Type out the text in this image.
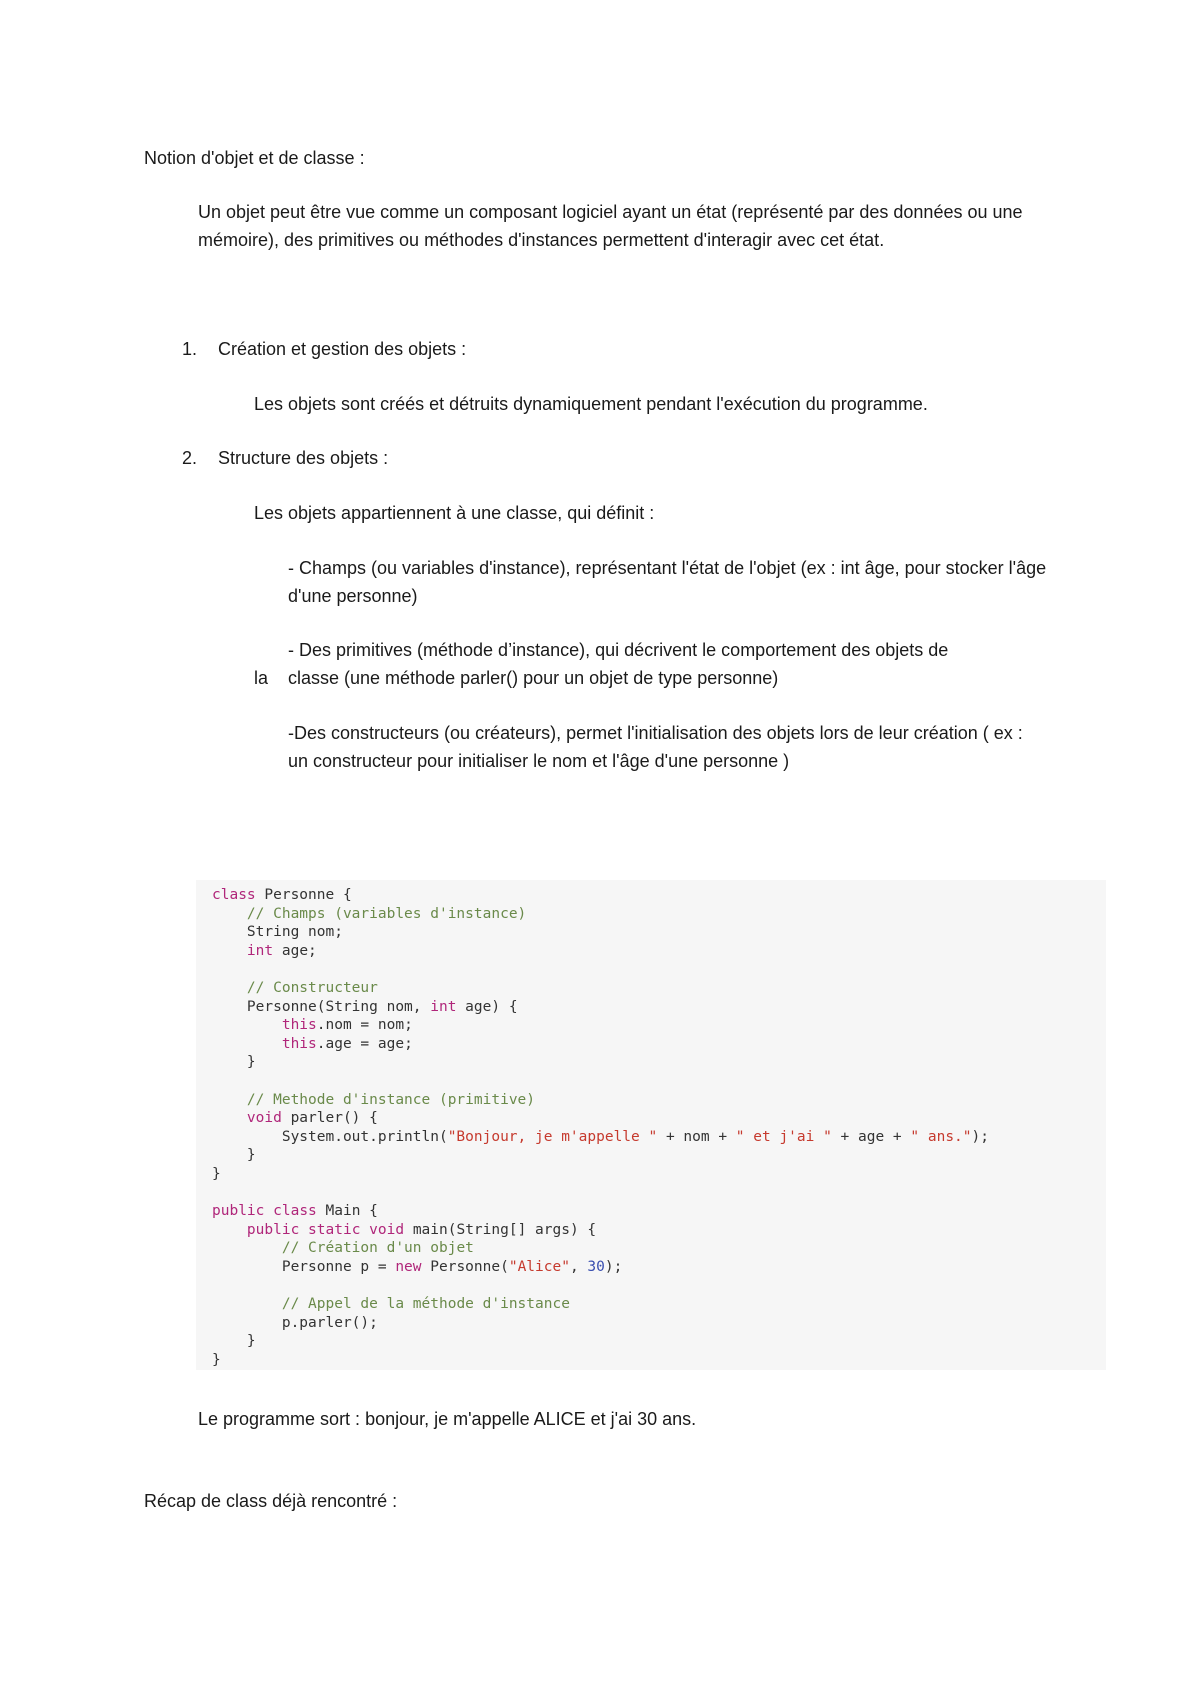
Notion d'objet et de classe :

Un objet peut être vue comme un composant logiciel ayant un état (représenté par des données ou une mémoire), des primitives ou méthodes d'instances permettent d'interagir avec cet état.

1. Création et gestion des objets :

Les objets sont créés et détruits dynamiquement pendant l'exécution du programme.

2. Structure des objets :

Les objets appartiennent à une classe, qui définit :

- Champs (ou variables d'instance), représentant l'état de l'objet (ex : int âge, pour stocker l'âge d'une personne)

- Des primitives (méthode d’instance), qui décrivent le comportement des objets de

la classe (une méthode parler() pour un objet de type personne)

-Des constructeurs (ou créateurs), permet l'initialisation des objets lors de leur création ( ex : un constructeur pour initialiser le nom et l'âge d'une personne )

class Personne {
// Champs (variables d'instance)
String nom;
int age;
// Constructeur
Personne(String nom, int age) {
this.nom = nom;
this.age = age;
}
// Methode d'instance (primitive)
void parler() {
System.out.println("Bonjour, je m'appelle " + nom + " et j'ai " + age + " ans.");
}
}
public class Main {
public static void main(String[] args) {
// Création d'un objet
Personne p = new Personne("Alice", 30);
// Appel de la méthode d'instance
p.parler();
}
}

Le programme sort : bonjour, je m'appelle ALICE et j'ai 30 ans.

Récap de class déjà rencontré :
